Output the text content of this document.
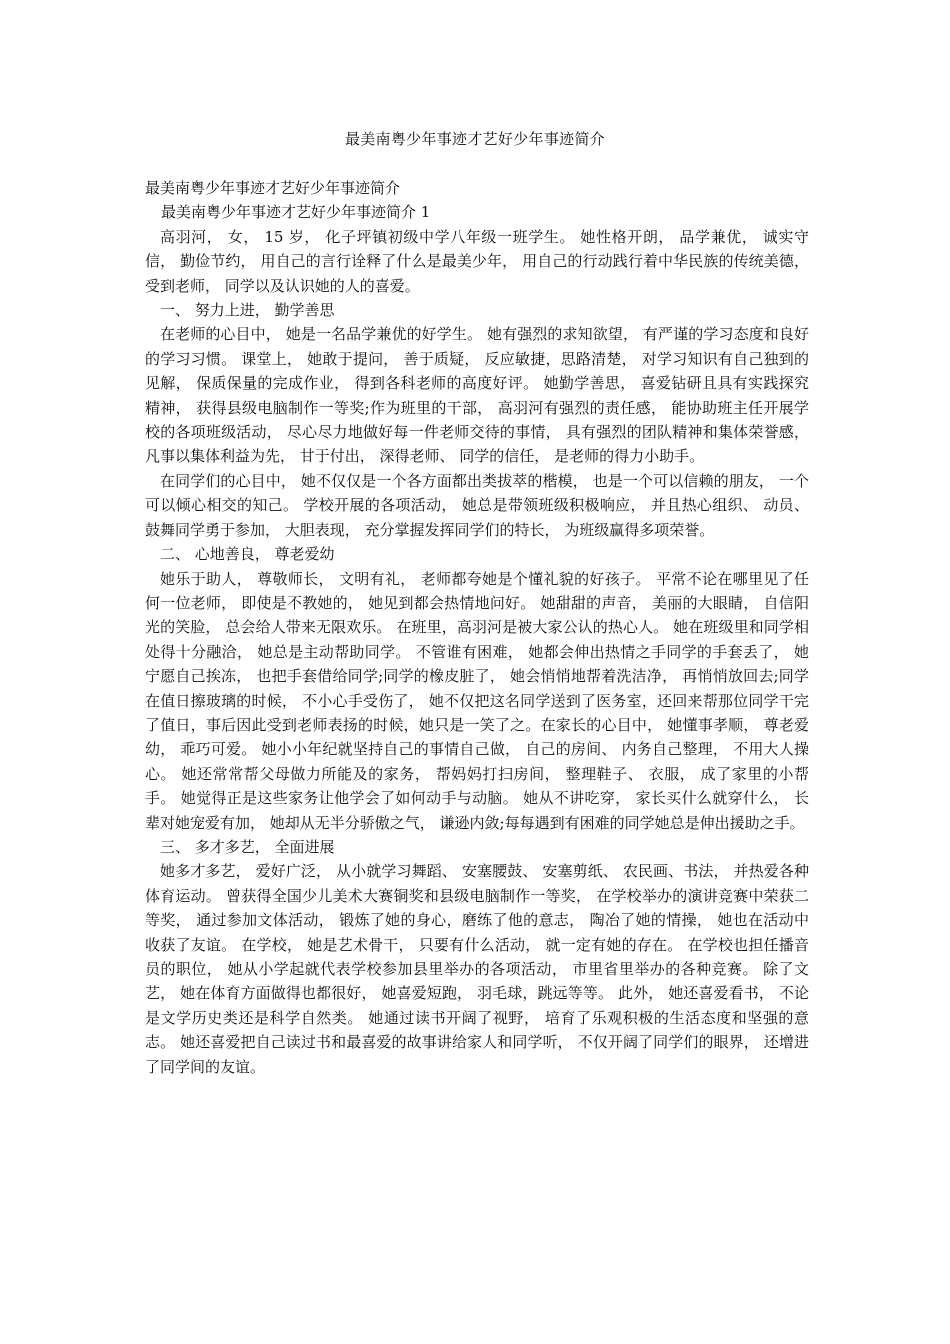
最美南粤少年事迹才艺好少年事迹简介

最美南粤少年事迹才艺好少年事迹简介

最美南粤少年事迹才艺好少年事迹简介 1

高羽河， 女， 15 岁， 化子坪镇初级中学八年级一班学生。 她性格开朗， 品学兼优， 诚实守信， 勤俭节约， 用自己的言行诠释了什么是最美少年， 用自己的行动践行着中华民族的传统美德， 受到老师， 同学以及认识她的人的喜爱。

一、 努力上进， 勤学善思

在老师的心目中， 她是一名品学兼优的好学生。 她有强烈的求知欲望， 有严谨的学习态度和良好的学习习惯。 课堂上， 她敢于提问， 善于质疑， 反应敏捷，思路清楚， 对学习知识有自己独到的见解， 保质保量的完成作业， 得到各科老师的高度好评。 她勤学善思， 喜爱钻研且具有实践探究精神， 获得县级电脑制作一等奖;作为班里的干部， 高羽河有强烈的责任感， 能协助班主任开展学校的各项班级活动， 尽心尽力地做好每一件老师交待的事情， 具有强烈的团队精神和集体荣誉感， 凡事以集体利益为先， 甘于付出， 深得老师、 同学的信任， 是老师的得力小助手。

在同学们的心目中， 她不仅仅是一个各方面都出类拔萃的楷模， 也是一个可以信赖的朋友， 一个可以倾心相交的知己。 学校开展的各项活动， 她总是带领班级积极响应， 并且热心组织、 动员、 鼓舞同学勇于参加， 大胆表现， 充分掌握发挥同学们的特长， 为班级赢得多项荣誉。

二、 心地善良， 尊老爱幼

她乐于助人， 尊敬师长， 文明有礼， 老师都夸她是个懂礼貌的好孩子。 平常不论在哪里见了任何一位老师， 即使是不教她的， 她见到都会热情地问好。 她甜甜的声音， 美丽的大眼睛， 自信阳光的笑脸， 总会给人带来无限欢乐。 在班里，高羽河是被大家公认的热心人。 她在班级里和同学相处得十分融洽， 她总是主动帮助同学。 不管谁有困难， 她都会伸出热情之手同学的手套丢了， 她宁愿自己挨冻， 也把手套借给同学;同学的橡皮脏了， 她会悄悄地帮着洗洁净， 再悄悄放回去;同学在值日擦玻璃的时候， 不小心手受伤了， 她不仅把这名同学送到了医务室，还回来帮那位同学干完了值日，事后因此受到老师表扬的时候，她只是一笑了之。在家长的心目中， 她懂事孝顺， 尊老爱幼， 乖巧可爱。 她小小年纪就坚持自己的事情自己做， 自己的房间、 内务自己整理， 不用大人操心。 她还常常帮父母做力所能及的家务， 帮妈妈打扫房间， 整理鞋子、 衣服， 成了家里的小帮手。 她觉得正是这些家务让他学会了如何动手与动脑。 她从不讲吃穿， 家长买什么就穿什么， 长辈对她宠爱有加， 她却从无半分骄傲之气， 谦逊内敛;每每遇到有困难的同学她总是伸出援助之手。

三、 多才多艺， 全面进展

她多才多艺， 爱好广泛， 从小就学习舞蹈、 安塞腰鼓、 安塞剪纸、 农民画、书法， 并热爱各种体育运动。 曾获得全国少儿美术大赛铜奖和县级电脑制作一等奖， 在学校举办的演讲竞赛中荣获二等奖， 通过参加文体活动， 锻炼了她的身心，磨练了他的意志， 陶冶了她的情操， 她也在活动中收获了友谊。 在学校， 她是艺术骨干， 只要有什么活动， 就一定有她的存在。 在学校也担任播音员的职位， 她从小学起就代表学校参加县里举办的各项活动， 市里省里举办的各种竞赛。 除了文艺， 她在体育方面做得也都很好， 她喜爱短跑， 羽毛球，跳远等等。 此外， 她还喜爱看书， 不论是文学历史类还是科学自然类。 她通过读书开阔了视野， 培育了乐观积极的生活态度和坚强的意志。 她还喜爱把自己读过书和最喜爱的故事讲给家人和同学听， 不仅开阔了同学们的眼界， 还增进了同学间的友谊。
